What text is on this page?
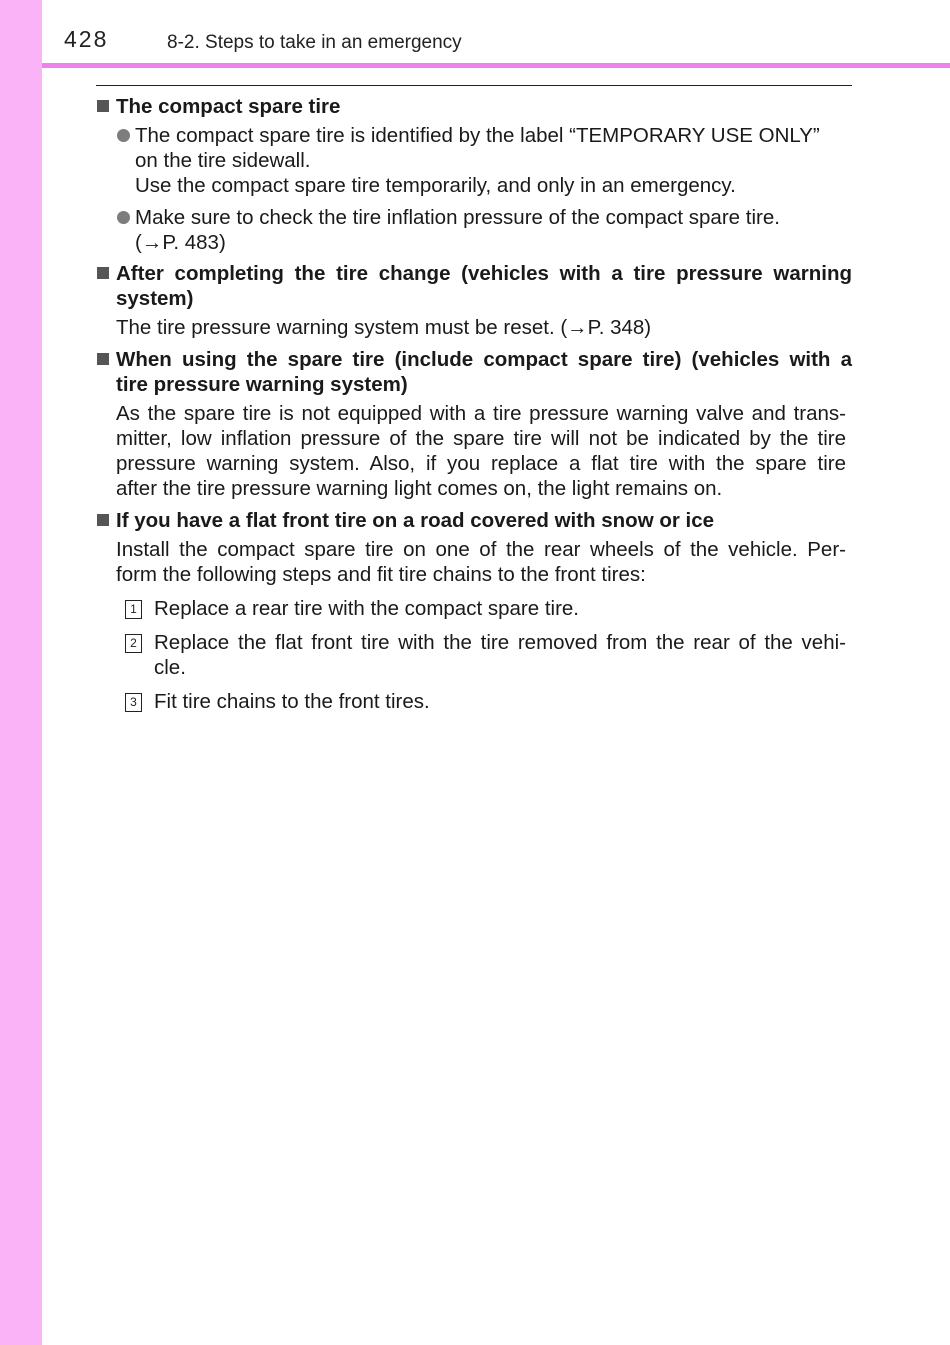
428	8-2. Steps to take in an emergency
The compact spare tire
The compact spare tire is identified by the label “TEMPORARY USE ONLY”
on the tire sidewall.
Use the compact spare tire temporarily, and only in an emergency.
Make sure to check the tire inflation pressure of the compact spare tire.
(→P. 483)
After completing the tire change (vehicles with a tire pressure warning
system)
The tire pressure warning system must be reset. (→P. 348)
When using the spare tire (include compact spare tire) (vehicles with a
tire pressure warning system)
As the spare tire is not equipped with a tire pressure warning valve and trans-
mitter, low inflation pressure of the spare tire will not be indicated by the tire
pressure warning system. Also, if you replace a flat tire with the spare tire
after the tire pressure warning light comes on, the light remains on.
If you have a flat front tire on a road covered with snow or ice
Install the compact spare tire on one of the rear wheels of the vehicle. Per-
form the following steps and fit tire chains to the front tires:
1 Replace a rear tire with the compact spare tire.
2 Replace the flat front tire with the tire removed from the rear of the vehi-
cle.
3 Fit tire chains to the front tires.
